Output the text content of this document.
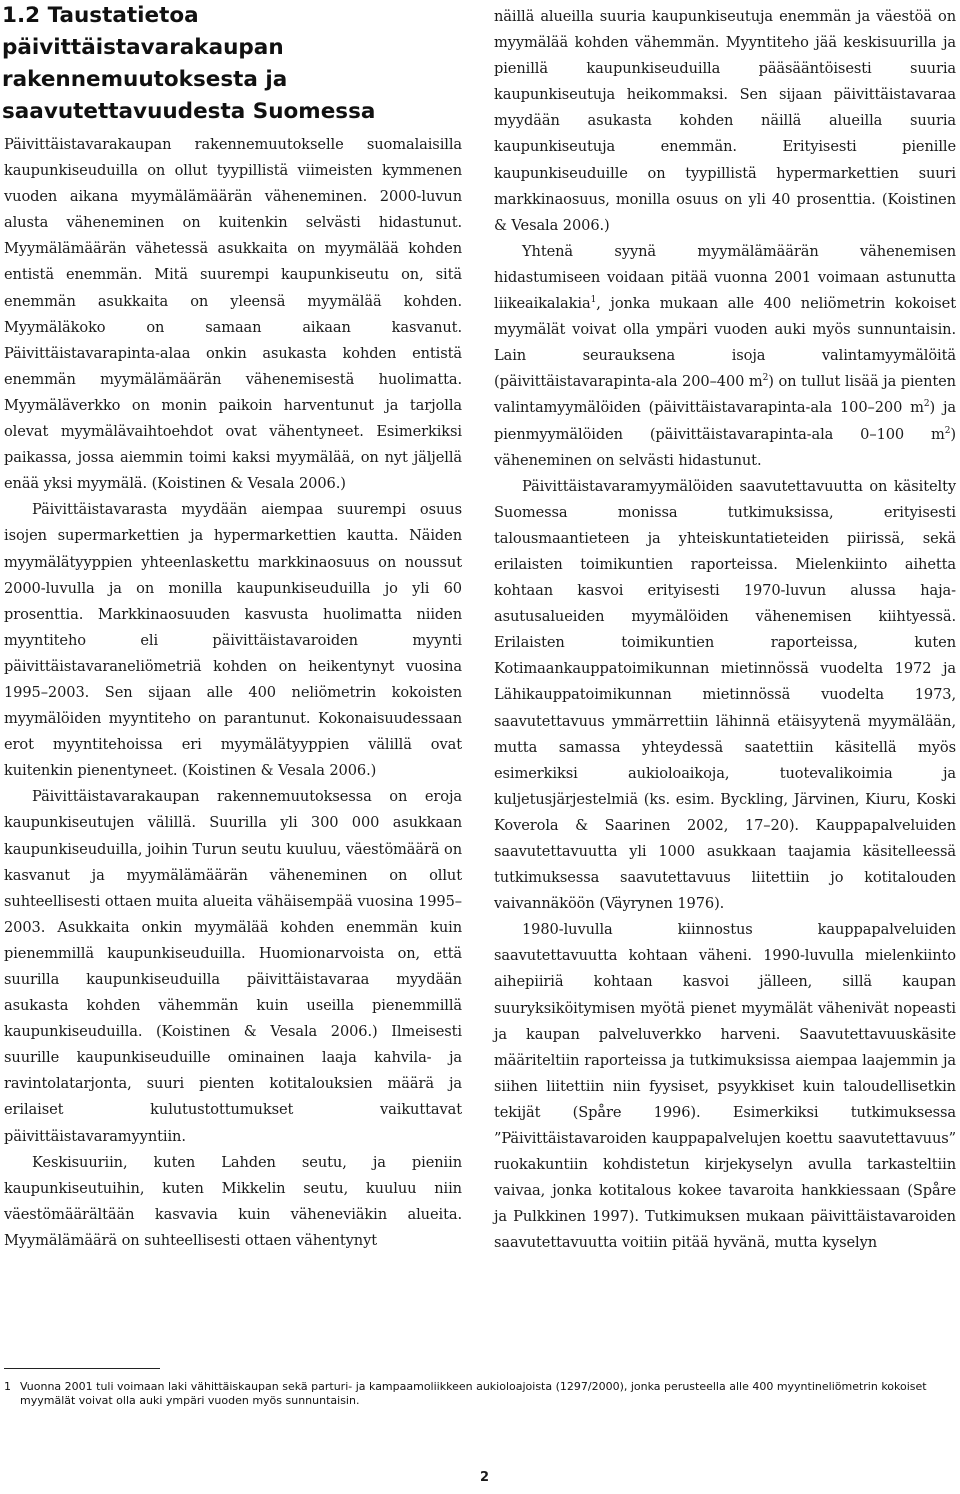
1.2 Taustatietoa päivittäistavarakaupan
rakennemuutoksesta ja
saavutettavuudesta Suomessa

Päivittäistavarakaupan rakennemuutokselle suomalaisilla kaupunkiseuduilla on ollut tyypillistä viimeisten kymmenen vuoden aikana myymälämäärän väheneminen. 2000-luvun alusta väheneminen on kuitenkin selvästi hidastunut. Myymälämäärän vähetessä asukkaita on myymälää kohden entistä enemmän. Mitä suurempi kaupunkiseutu on, sitä enemmän asukkaita on yleensä myymälää kohden. Myymäläkoko on samaan aikaan kasvanut. Päivittäistavarapinta-alaa onkin asukasta kohden entistä enemmän myymälämäärän vähenemisestä huolimatta. Myymäläverkko on monin paikoin harventunut ja tarjolla olevat myymälävaihtoehdot ovat vähentyneet. Esimerkiksi paikassa, jossa aiemmin toimi kaksi myymälää, on nyt jäljellä enää yksi myymälä. (Koistinen & Vesala 2006.)

Päivittäistavarasta myydään aiempaa suurempi osuus isojen supermarkettien ja hypermarkettien kautta. Näiden myymälätyyppien yhteenlaskettu markkinaosuus on noussut 2000-luvulla ja on monilla kaupunkiseuduilla jo yli 60 prosenttia. Markkinaosuuden kasvusta huolimatta niiden myyntiteho eli päivittäistavaroiden myynti päivittäistavaraneliömetriä kohden on heikentynyt vuosina 1995–2003. Sen sijaan alle 400 neliömetrin kokoisten myymälöiden myyntiteho on parantunut. Kokonaisuudessaan erot myyntitehoissa eri myymälätyyppien välillä ovat kuitenkin pienentyneet. (Koistinen & Vesala 2006.)

Päivittäistavarakaupan rakennemuutoksessa on eroja kaupunkiseutujen välillä. Suurilla yli 300 000 asukkaan kaupunkiseuduilla, joihin Turun seutu kuuluu, väestömäärä on kasvanut ja myymälämäärän väheneminen on ollut suhteellisesti ottaen muita alueita vähäisempää vuosina 1995–2003. Asukkaita onkin myymälää kohden enemmän kuin pienemmillä kaupunkiseuduilla. Huomionarvoista on, että suurilla kaupunkiseuduilla päivittäistavaraa myydään asukasta kohden vähemmän kuin useilla pienemmillä kaupunkiseuduilla. (Koistinen & Vesala 2006.) Ilmeisesti suurille kaupunkiseuduille ominainen laaja kahvila- ja ravintolatarjonta, suuri pienten kotitalouksien määrä ja erilaiset kulutustottumukset vaikuttavat päivittäistavaramyyntiin.

Keskisuuriin, kuten Lahden seutu, ja pieniin kaupunkiseutuihin, kuten Mikkelin seutu, kuuluu niin väestömäärältään kasvavia kuin väheneviäkin alueita. Myymälämäärä on suhteellisesti ottaen vähentynyt

näillä alueilla suuria kaupunkiseutuja enemmän ja väestöä on myymälää kohden vähemmän. Myyntiteho jää keskisuurilla ja pienillä kaupunkiseuduilla pääsääntöisesti suuria kaupunkiseutuja heikommaksi. Sen sijaan päivittäistavaraa myydään asukasta kohden näillä alueilla suuria kaupunkiseutuja enemmän. Erityisesti pienille kaupunkiseuduille on tyypillistä hypermarkettien suuri markkinaosuus, monilla osuus on yli 40 prosenttia. (Koistinen & Vesala 2006.)

Yhtenä syynä myymälämäärän vähenemisen hidastumiseen voidaan pitää vuonna 2001 voimaan astunutta liikeaikalakia$^1$, jonka mukaan alle 400 neliömetrin kokoiset myymälät voivat olla ympäri vuoden auki myös sunnuntaisin. Lain seurauksena isoja valintamyymälöitä (päivittäistavarapinta-ala 200–400 $m^2$) on tullut lisää ja pienten valintamyymälöiden (päivittäistavarapinta-ala 100–200 $m^2$) ja pienmyymälöiden (päivittäistavarapinta-ala 0–100 $m^2$) väheneminen on selvästi hidastunut.

Päivittäistavaramyymälöiden saavutettavuutta on käsitelty Suomessa monissa tutkimuksissa, erityisesti talousmaantieteen ja yhteiskuntatieteiden piirissä, sekä erilaisten toimikuntien raporteissa. Mielenkiinto aihetta kohtaan kasvoi erityisesti 1970-luvun alussa haja-asutusalueiden myymälöiden vähenemisen kiihtyessä. Erilaisten toimikuntien raporteissa, kuten Kotimaankauppatoimikunnan mietinnössä vuodelta 1972 ja Lähikauppatoimikunnan mietinnössä vuodelta 1973, saavutettavuus ymmärrettiin lähinnä etäisyytenä myymälään, mutta samassa yhteydessä saatettiin käsitellä myös esimerkiksi aukioloaikoja, tuotevalikoimia ja kuljetusjärjestelmiä (ks. esim. Byckling, Järvinen, Kiuru, Koski Koverola & Saarinen 2002, 17–20). Kauppapalveluiden saavutettavuutta yli 1000 asukkaan taajamia käsitelleessä tutkimuksessa saavutettavuus liitettiin jo kotitalouden vaivannäköön (Väyrynen 1976).

1980-luvulla kiinnostus kauppapalveluiden saavutettavuutta kohtaan väheni. 1990-luvulla mielenkiinto aihepiiriä kohtaan kasvoi jälleen, sillä kaupan suuryksiköitymisen myötä pienet myymälät vähenivät nopeasti ja kaupan palveluverkko harveni. Saavutettavuuskäsite määriteltiin raporteissa ja tutkimuksissa aiempaa laajemmin ja siihen liitettiin niin fyysiset, psyykkiset kuin taloudellisetkin tekijät (Spåre 1996). Esimerkiksi tutkimuksessa ”Päivittäistavaroiden kauppapalvelujen koettu saavutettavuus” ruokakuntiin kohdistetun kirjekyselyn avulla tarkasteltiin vaivaa, jonka kotitalous kokee tavaroita hankkiessaan (Spåre ja Pulkkinen 1997). Tutkimuksen mukaan päivittäistavaroiden saavutettavuutta voitiin pitää hyvänä, mutta kyselyn

1 Vuonna 2001 tuli voimaan laki vähittäiskaupan sekä parturi- ja kampaamoliikkeen aukioloajoista (1297/2000), jonka perusteella alle 400 myyntineliömetrin kokoiset myymälät voivat olla auki ympäri vuoden myös sunnuntaisin.
2
